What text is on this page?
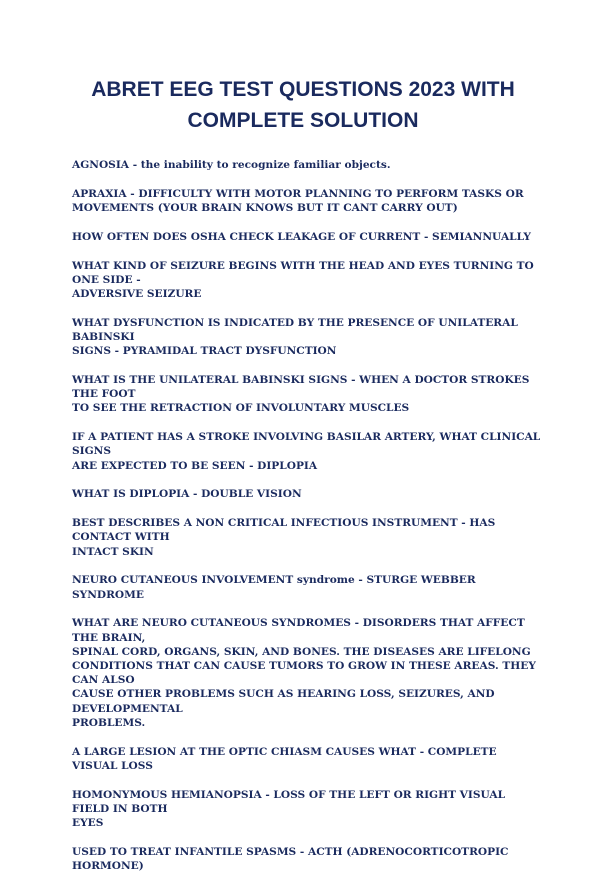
ABRET EEG TEST QUESTIONS 2023 WITH
COMPLETE SOLUTION
AGNOSIA - the inability to recognize familiar objects.
APRAXIA - DIFFICULTY WITH MOTOR PLANNING TO PERFORM TASKS OR
MOVEMENTS (YOUR BRAIN KNOWS BUT IT CANT CARRY OUT)
HOW OFTEN DOES OSHA CHECK LEAKAGE OF CURRENT - SEMIANNUALLY
WHAT KIND OF SEIZURE BEGINS WITH THE HEAD AND EYES TURNING TO ONE SIDE -
ADVERSIVE SEIZURE
WHAT DYSFUNCTION IS INDICATED BY THE PRESENCE OF UNILATERAL BABINSKI
SIGNS - PYRAMIDAL TRACT DYSFUNCTION
WHAT IS THE UNILATERAL BABINSKI SIGNS - WHEN A DOCTOR STROKES THE FOOT
TO SEE THE RETRACTION OF INVOLUNTARY MUSCLES
IF A PATIENT HAS A STROKE INVOLVING BASILAR ARTERY, WHAT CLINICAL SIGNS
ARE EXPECTED TO BE SEEN - DIPLOPIA
WHAT IS DIPLOPIA - DOUBLE VISION
BEST DESCRIBES A NON CRITICAL INFECTIOUS INSTRUMENT - HAS CONTACT WITH
INTACT SKIN
NEURO CUTANEOUS INVOLVEMENT syndrome - STURGE WEBBER SYNDROME
WHAT ARE NEURO CUTANEOUS SYNDROMES - DISORDERS THAT AFFECT THE BRAIN,
SPINAL CORD, ORGANS, SKIN, AND BONES. THE DISEASES ARE LIFELONG
CONDITIONS THAT CAN CAUSE TUMORS TO GROW IN THESE AREAS. THEY CAN ALSO
CAUSE OTHER PROBLEMS SUCH AS HEARING LOSS, SEIZURES, AND DEVELOPMENTAL
PROBLEMS.
A LARGE LESION AT THE OPTIC CHIASM CAUSES WHAT - COMPLETE VISUAL LOSS
HOMONYMOUS HEMIANOPSIA - LOSS OF THE LEFT OR RIGHT VISUAL FIELD IN BOTH
EYES
USED TO TREAT INFANTILE SPASMS - ACTH (ADRENOCORTICOTROPIC HORMONE)
